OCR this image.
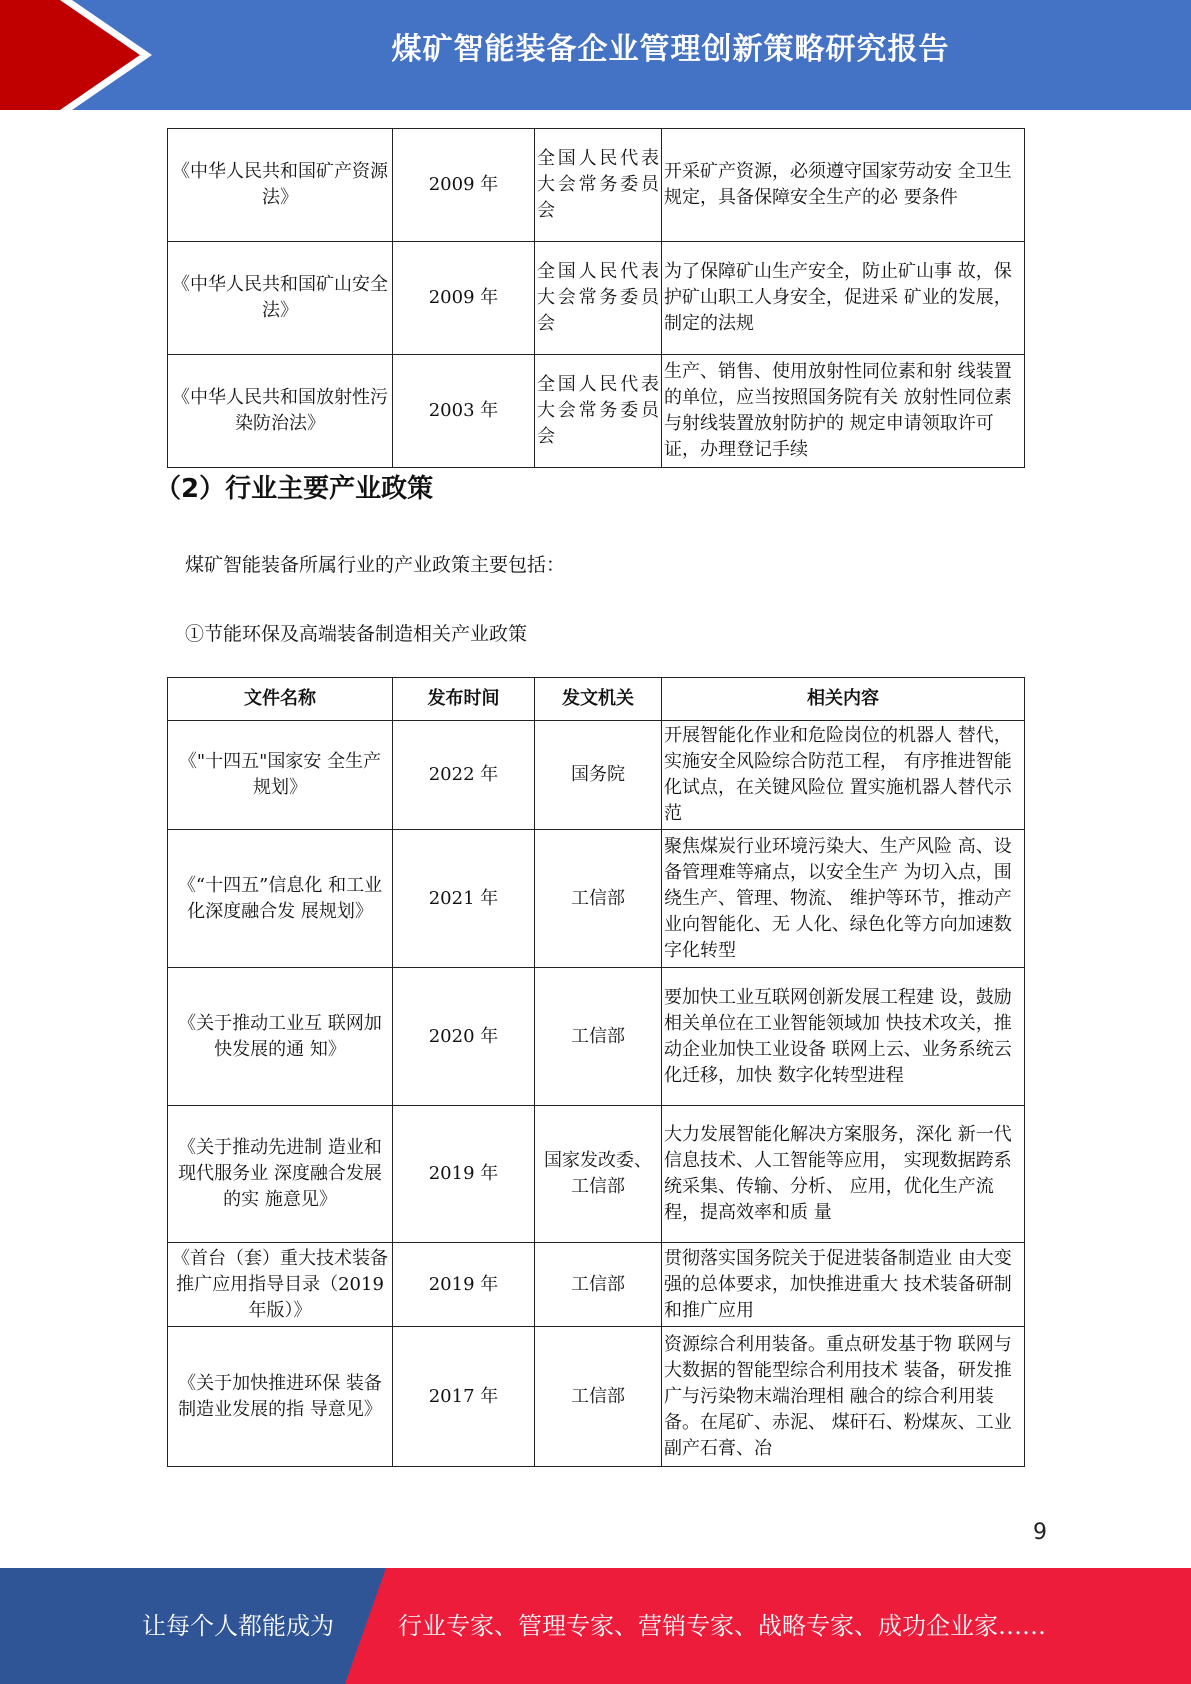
煤矿智能装备企业管理创新策略研究报告
《中华人民共和国矿产资源法》	2009 年	全国人民代表大会常务委员会	开采矿产资源，必须遵守国家劳动安 全卫生规定，具备保障安全生产的必 要条件
《中华人民共和国矿山安全法》	2009 年	全国人民代表大会常务委员会	为了保障矿山生产安全，防止矿山事 故，保护矿山职工人身安全，促进采 矿业的发展，制定的法规
《中华人民共和国放射性污染防治法》	2003 年	全国人民代表大会常务委员会	生产、销售、使用放射性同位素和射 线装置的单位，应当按照国务院有关 放射性同位素与射线装置放射防护的 规定申请领取许可证，办理登记手续
（2）行业主要产业政策
煤矿智能装备所属行业的产业政策主要包括：
①节能环保及高端装备制造相关产业政策
文件名称	发布时间	发文机关	相关内容
《"十四五"国家安 全生产规划》	2022 年	国务院	开展智能化作业和危险岗位的机器人 替代，实施安全风险综合防范工程， 有序推进智能化试点，在关键风险位 置实施机器人替代示范
《“十四五”信息化 和工业化深度融合发 展规划》	2021 年	工信部	聚焦煤炭行业环境污染大、生产风险 高、设备管理难等痛点，以安全生产 为切入点，围绕生产、管理、物流、 维护等环节，推动产业向智能化、无 人化、绿色化等方向加速数字化转型
《关于推动工业互 联网加快发展的通 知》	2020 年	工信部	要加快工业互联网创新发展工程建 设，鼓励相关单位在工业智能领域加 快技术攻关，推动企业加快工业设备 联网上云、业务系统云化迁移，加快 数字化转型进程
《关于推动先进制 造业和现代服务业 深度融合发展的实 施意见》	2019 年	国家发改委、工信部	大力发展智能化解决方案服务，深化 新一代信息技术、人工智能等应用， 实现数据跨系统采集、传输、分析、 应用，优化生产流程，提高效率和质 量
《首台（套）重大技术装备推广应用指导目录（2019 年版）》	2019 年	工信部	贯彻落实国务院关于促进装备制造业 由大变强的总体要求，加快推进重大 技术装备研制和推广应用
《关于加快推进环保 装备制造业发展的指 导意见》	2017 年	工信部	资源综合利用装备。重点研发基于物 联网与大数据的智能型综合利用技术 装备，研发推广与污染物末端治理相 融合的综合利用装备。在尾矿、赤泥、 煤矸石、粉煤灰、工业副产石膏、冶
9
让每个人都能成为	行业专家、管理专家、营销专家、战略专家、成功企业家……
